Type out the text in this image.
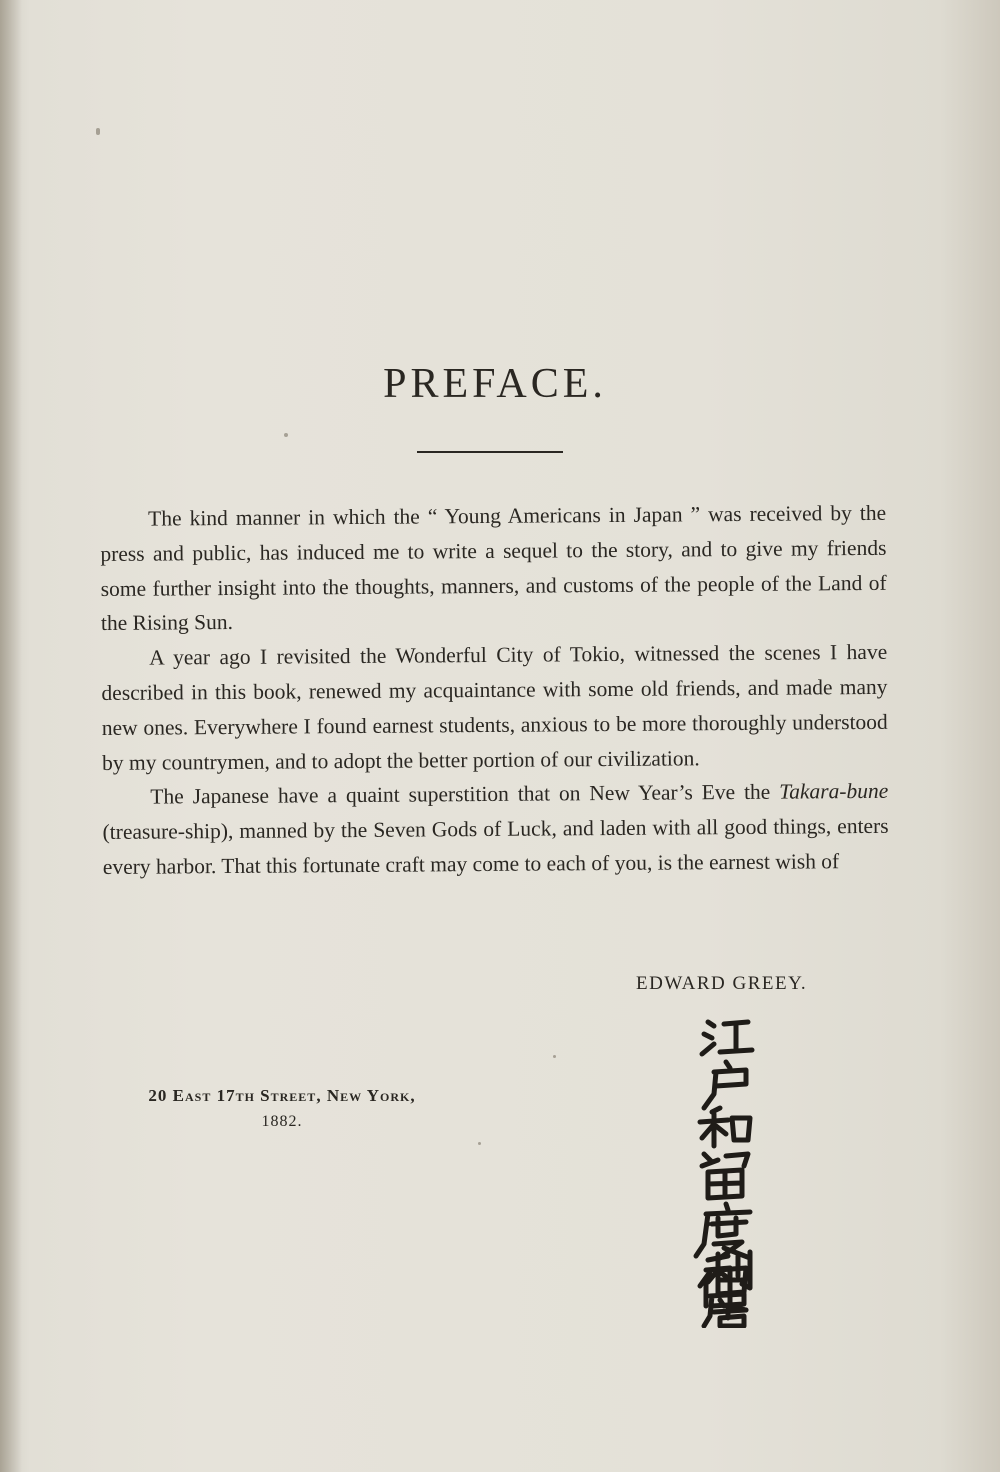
PREFACE.

The kind manner in which the “ Young Americans in Japan ” was received by the press and public, has induced me to write a sequel to the story, and to give my friends some further insight into the thoughts, manners, and customs of the people of the Land of the Rising Sun.

A year ago I revisited the Wonderful City of Tokio, witnessed the scenes I have described in this book, renewed my acquaintance with some old friends, and made many new ones. Everywhere I found earnest students, anxious to be more thoroughly understood by my countrymen, and to adopt the better portion of our civilization.

The Japanese have a quaint superstition that on New Year’s Eve the Takara-bune (treasure-ship), manned by the Seven Gods of Luck, and laden with all good things, enters every harbor. That this fortunate craft may come to each of you, is the earnest wish of

EDWARD GREEY.
20 East 17th Street, New York,
1882.
